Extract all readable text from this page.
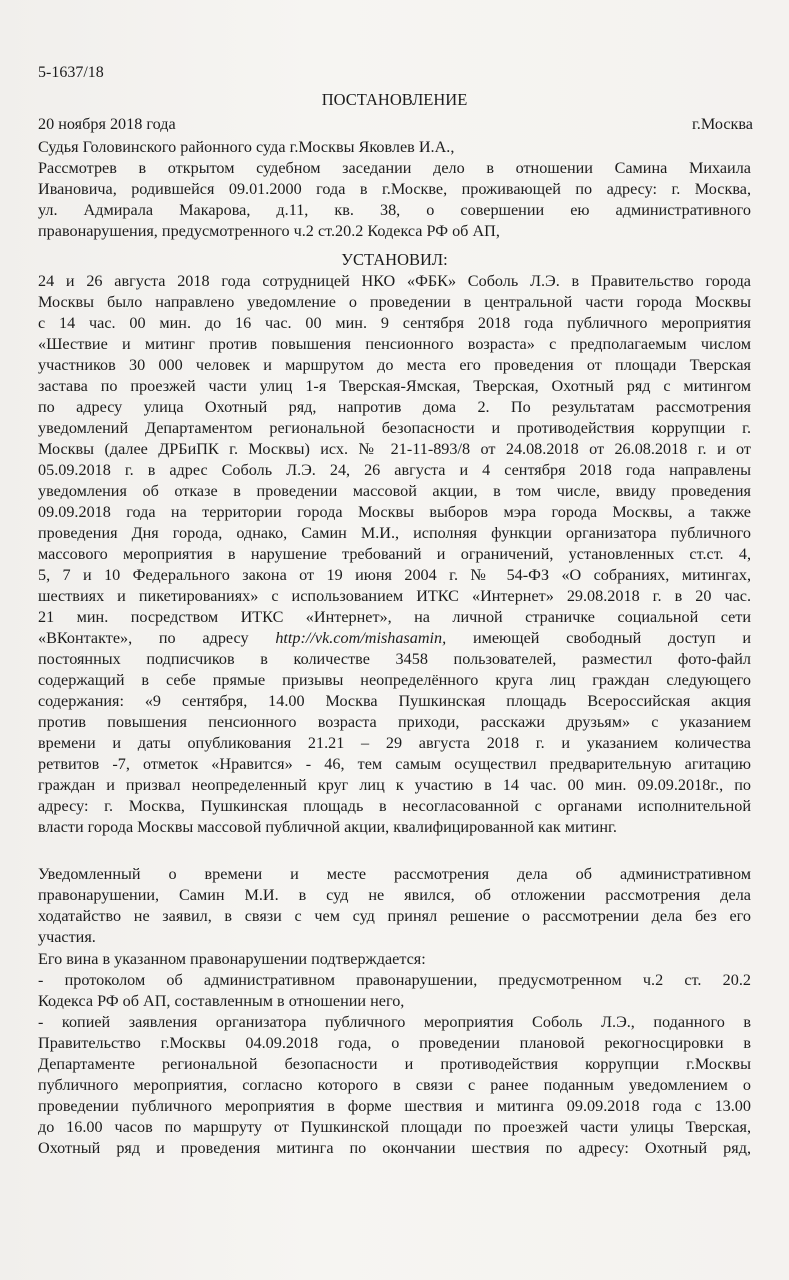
5-1637/18
ПОСТАНОВЛЕНИЕ
20 ноября 2018 года	г.Москва
Судья Головинского районного суда г.Москвы Яковлев И.А.,
Рассмотрев в открытом судебном заседании дело в отношении Самина Михаила
Ивановича, родившейся 09.01.2000 года в г.Москве, проживающей по адресу: г. Москва,
ул. Адмирала Макарова, д.11, кв. 38, о совершении ею административного
правонарушения, предусмотренного ч.2 ст.20.2 Кодекса РФ об АП,
УСТАНОВИЛ:
24 и 26 августа 2018 года сотрудницей НКО «ФБК» Соболь Л.Э. в Правительство города
Москвы было направлено уведомление о проведении в центральной части города Москвы
с 14 час. 00 мин. до 16 час. 00 мин. 9 сентября 2018 года публичного мероприятия
«Шествие и митинг против повышения пенсионного возраста» с предполагаемым числом
участников 30 000 человек и маршрутом до места его проведения от площади Тверская
застава по проезжей части улиц 1-я Тверская-Ямская, Тверская, Охотный ряд с митингом
по адресу улица Охотный ряд, напротив дома 2. По результатам рассмотрения
уведомлений Департаментом региональной безопасности и противодействия коррупции г.
Москвы (далее ДРБиПК г. Москвы) исх. № 21-11-893/8 от 24.08.2018 от 26.08.2018 г. и от
05.09.2018 г. в адрес Соболь Л.Э. 24, 26 августа и 4 сентября 2018 года направлены
уведомления об отказе в проведении массовой акции, в том числе, ввиду проведения
09.09.2018 года на территории города Москвы выборов мэра города Москвы, а также
проведения Дня города, однако, Самин М.И., исполняя функции организатора публичного
массового мероприятия в нарушение требований и ограничений, установленных ст.ст. 4,
5, 7 и 10 Федерального закона от 19 июня 2004 г. № 54-ФЗ «О собраниях, митингах,
шествиях и пикетированиях» с использованием ИТКС «Интернет» 29.08.2018 г. в 20 час.
21 мин. посредством ИТКС «Интернет», на личной страничке социальной сети
«ВКонтакте», по адресу http://vk.com/mishasamin, имеющей свободный доступ и
постоянных подписчиков в количестве 3458 пользователей, разместил фото-файл
содержащий в себе прямые призывы неопределённого круга лиц граждан следующего
содержания: «9 сентября, 14.00 Москва Пушкинская площадь Всероссийская акция
против повышения пенсионного возраста приходи, расскажи друзьям» с указанием
времени и даты опубликования 21.21 – 29 августа 2018 г. и указанием количества
ретвитов -7, отметок «Нравится» - 46, тем самым осуществил предварительную агитацию
граждан и призвал неопределенный круг лиц к участию в 14 час. 00 мин. 09.09.2018г., по
адресу: г. Москва, Пушкинская площадь в несогласованной с органами исполнительной
власти города Москвы массовой публичной акции, квалифицированной как митинг.
Уведомленный о времени и месте рассмотрения дела об административном
правонарушении, Самин М.И. в суд не явился, об отложении рассмотрения дела
ходатайство не заявил, в связи с чем суд принял решение о рассмотрении дела без его
участия.
Его вина в указанном правонарушении подтверждается:
- протоколом об административном правонарушении, предусмотренном ч.2 ст. 20.2
Кодекса РФ об АП, составленным в отношении него,
- копией заявления организатора публичного мероприятия Соболь Л.Э., поданного в
Правительство г.Москвы 04.09.2018 года, о проведении плановой рекогносцировки в
Департаменте региональной безопасности и противодействия коррупции г.Москвы
публичного мероприятия, согласно которого в связи с ранее поданным уведомлением о
проведении публичного мероприятия в форме шествия и митинга 09.09.2018 года с 13.00
до 16.00 часов по маршруту от Пушкинской площади по проезжей части улицы Тверская,
Охотный ряд и проведения митинга по окончании шествия по адресу: Охотный ряд,
